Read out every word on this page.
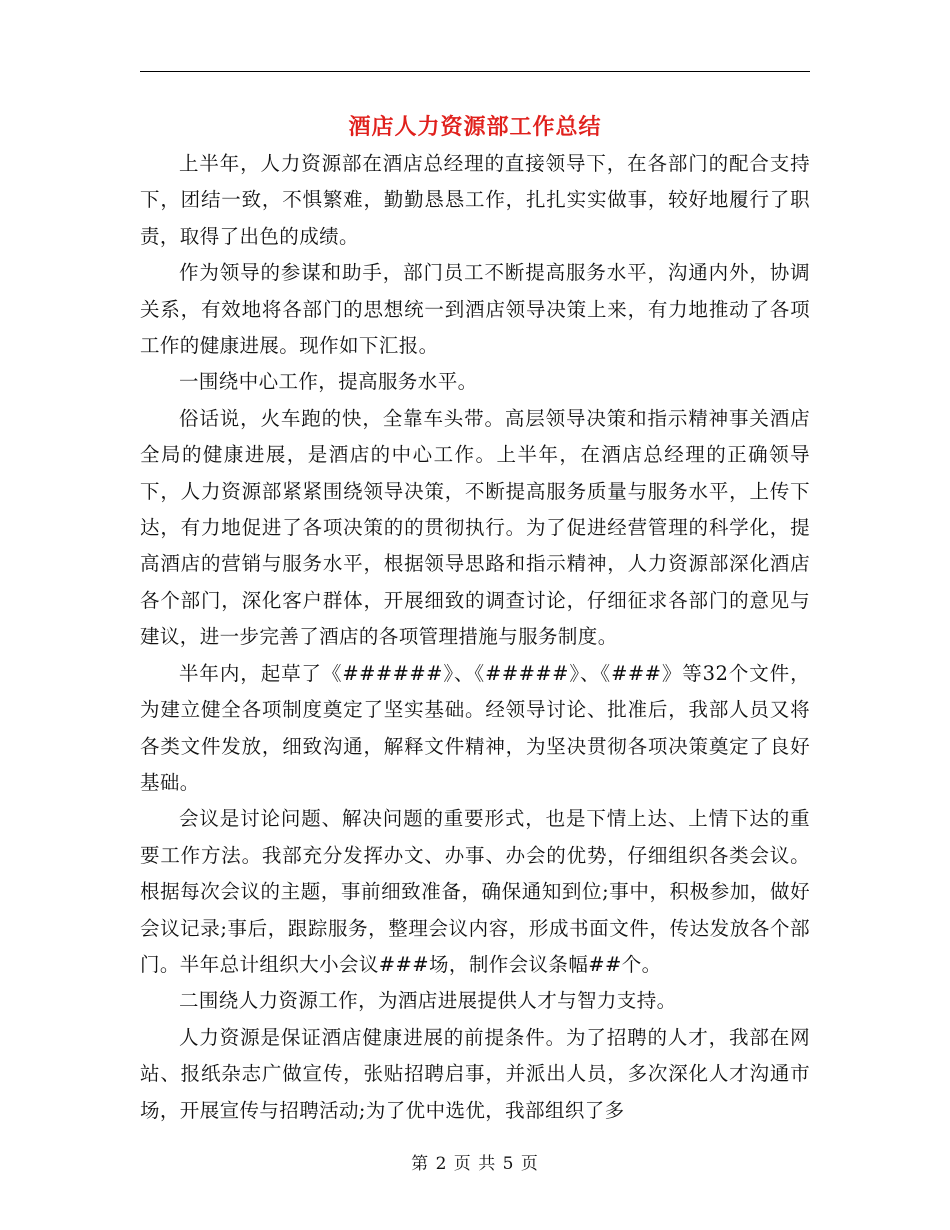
酒店人力资源部工作总结

上半年，人力资源部在酒店总经理的直接领导下，在各部门的配合支持下，团结一致，不惧繁难，勤勤恳恳工作，扎扎实实做事，较好地履行了职责，取得了出色的成绩。

作为领导的参谋和助手，部门员工不断提高服务水平，沟通内外，协调关系，有效地将各部门的思想统一到酒店领导决策上来，有力地推动了各项工作的健康进展。现作如下汇报。

一围绕中心工作，提高服务水平。

俗话说，火车跑的快，全靠车头带。高层领导决策和指示精神事关酒店全局的健康进展，是酒店的中心工作。上半年，在酒店总经理的正确领导下，人力资源部紧紧围绕领导决策，不断提高服务质量与服务水平，上传下达，有力地促进了各项决策的的贯彻执行。为了促进经营管理的科学化，提高酒店的营销与服务水平，根据领导思路和指示精神，人力资源部深化酒店各个部门，深化客户群体，开展细致的调查讨论，仔细征求各部门的意见与建议，进一步完善了酒店的各项管理措施与服务制度。

半年内，起草了《######》、《#####》、《###》等32个文件，为建立健全各项制度奠定了坚实基础。经领导讨论、批准后，我部人员又将各类文件发放，细致沟通，解释文件精神，为坚决贯彻各项决策奠定了良好基础。

会议是讨论问题、解决问题的重要形式，也是下情上达、上情下达的重要工作方法。我部充分发挥办文、办事、办会的优势，仔细组织各类会议。根据每次会议的主题，事前细致准备，确保通知到位;事中，积极参加，做好会议记录;事后，跟踪服务，整理会议内容，形成书面文件，传达发放各个部门。半年总计组织大小会议###场，制作会议条幅##个。

二围绕人力资源工作，为酒店进展提供人才与智力支持。

人力资源是保证酒店健康进展的前提条件。为了招聘的人才，我部在网站、报纸杂志广做宣传，张贴招聘启事，并派出人员，多次深化人才沟通市场，开展宣传与招聘活动;为了优中选优，我部组织了多

第 2 页 共 5 页
